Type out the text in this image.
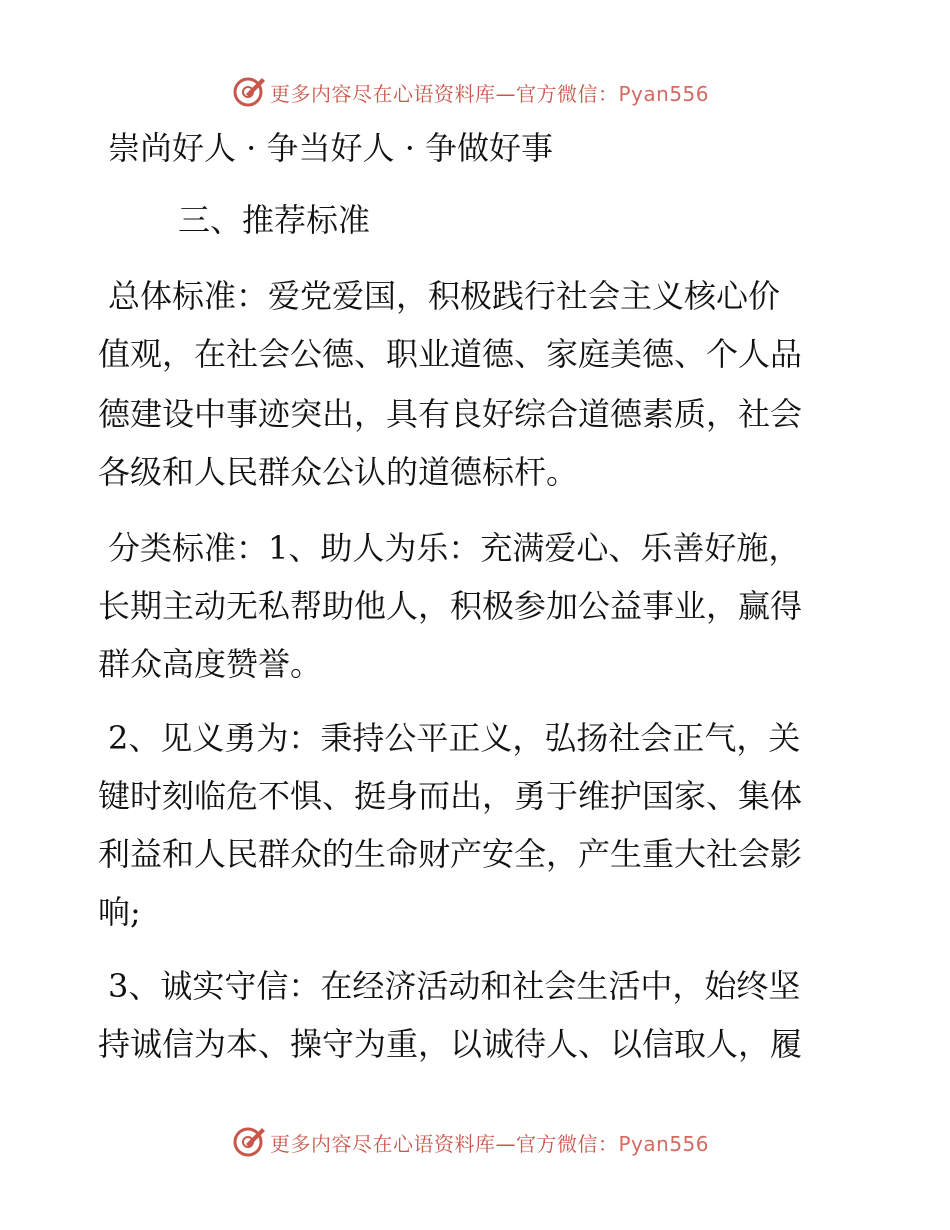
更多内容尽在心语资料库—官方微信：Pyan556

崇尚好人 · 争当好人 · 争做好事

三、推荐标准

总体标准：爱党爱国，积极践行社会主义核心价

值观，在社会公德、职业道德、家庭美德、个人品

德建设中事迹突出，具有良好综合道德素质，社会

各级和人民群众公认的道德标杆。

分类标准：1、助人为乐：充满爱心、乐善好施，

长期主动无私帮助他人，积极参加公益事业，赢得

群众高度赞誉。

2、见义勇为：秉持公平正义，弘扬社会正气，关

键时刻临危不惧、挺身而出，勇于维护国家、集体

利益和人民群众的生命财产安全，产生重大社会影

响;

3、诚实守信：在经济活动和社会生活中，始终坚

持诚信为本、操守为重，以诚待人、以信取人，履

更多内容尽在心语资料库—官方微信：Pyan556
